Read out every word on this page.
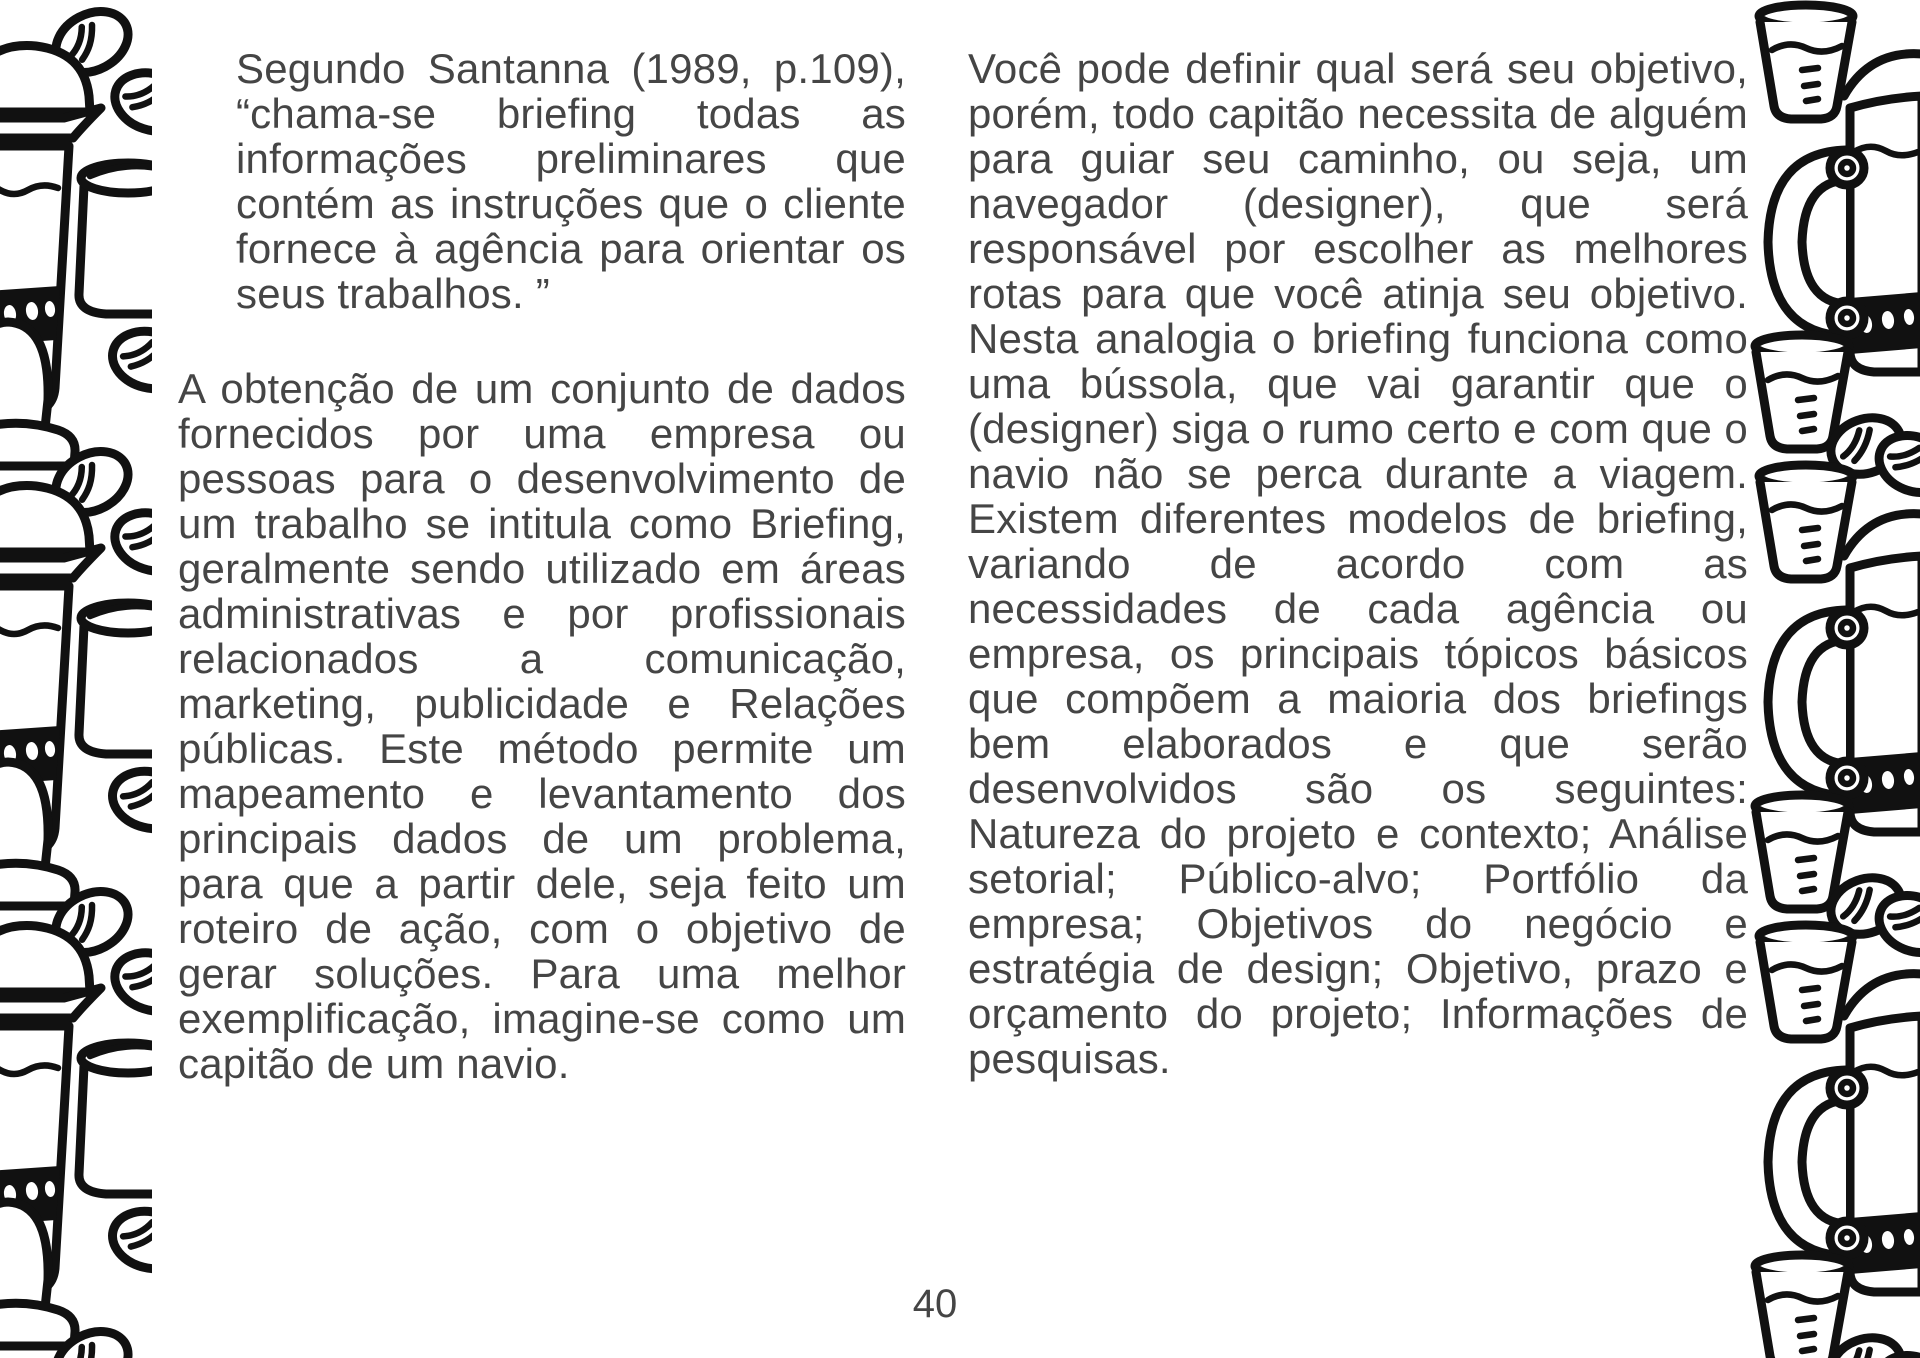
Segundo Santanna (1989, p.109), “chama-se briefing todas as informações preliminares que contém as instruções que o cliente fornece à agência para orientar os seus trabalhos. ”

A obtenção de um conjunto de dados fornecidos por uma empresa ou pessoas para o desenvolvimento de um trabalho se intitula como Briefing, geralmente sendo utilizado em áreas administrativas e por profissionais relacionados a comunicação, marketing, publicidade e Relações públicas. Este método permite um mapeamento e levantamento dos principais dados de um problema, para que a partir dele, seja feito um roteiro de ação, com o objetivo de gerar soluções. Para uma melhor exemplificação, imagine-se como um capitão de um navio.

Você pode definir qual será seu objetivo, porém, todo capitão necessita de alguém para guiar seu caminho, ou seja, um navegador (designer), que será responsável por escolher as melhores rotas para que você atinja seu objetivo. Nesta analogia o briefing funciona como uma bússola, que vai garantir que o (designer) siga o rumo certo e com que o navio não se perca durante a viagem. Existem diferentes modelos de briefing, variando de acordo com as necessidades de cada agência ou empresa, os principais tópicos básicos que compõem a maioria dos briefings bem elaborados e que serão desenvolvidos são os seguintes: Natureza do projeto e contexto; Análise setorial; Público-alvo; Portfólio da empresa; Objetivos do negócio e estratégia de design; Objetivo, prazo e orçamento do projeto; Informações de pesquisas.

40
